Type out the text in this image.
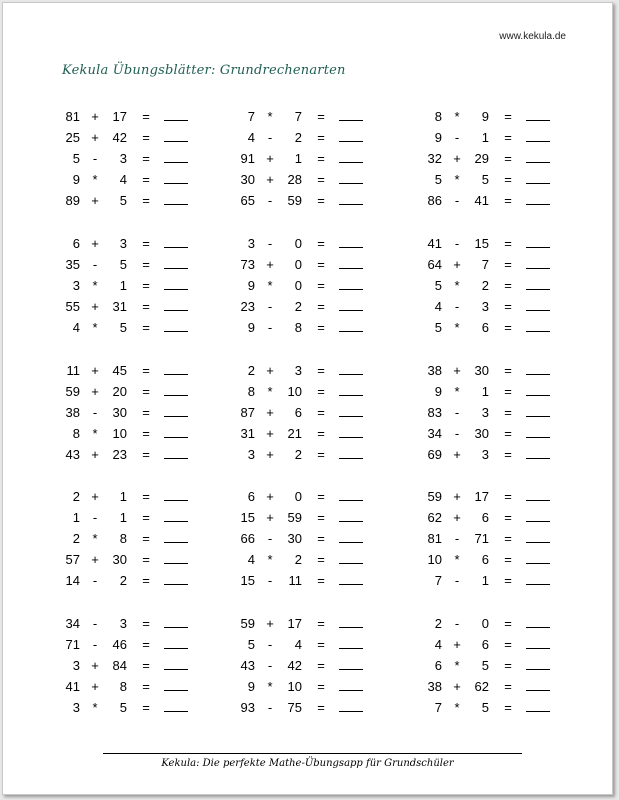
www.kekula.de
Kekula Übungsblätter: Grundrechenarten
81 +	17 =
25 +	42 =
5 -	3 =
9 *	4 =
89 +	5 =
7 *	7 =
4 -	2 =
91 +	1 =
30 +	28 =
65 -	59 =
8 *	9 =
9 -	1 =
32 +	29 =
5 *	5 =
86 -	41 =
6 +	3 =
35 -	5 =
3 *	1 =
55 +	31 =
4 *	5 =
3 -	0 =
73 +	0 =
9 *	0 =
23 -	2 =
9 -	8 =
41 -	15 =
64 +	7 =
5 *	2 =
4 -	3 =
5 *	6 =
11 +	45 =
59 +	20 =
38 -	30 =
8 *	10 =
43 +	23 =
2 +	3 =
8 *	10 =
87 +	6 =
31 +	21 =
3 +	2 =
38 +	30 =
9 *	1 =
83 -	3 =
34 -	30 =
69 +	3 =
2 +	1 =
1 -	1 =
2 *	8 =
57 +	30 =
14 -	2 =
6 +	0 =
15 +	59 =
66 -	30 =
4 *	2 =
15 -	11 =
59 +	17 =
62 +	6 =
81 -	71 =
10 *	6 =
7 -	1 =
34 -	3 =
71 -	46 =
3 +	84 =
41 +	8 =
3 *	5 =
59 +	17 =
5 -	4 =
43 -	42 =
9 *	10 =
93 -	75 =
2 -	0 =
4 +	6 =
6 *	5 =
38 +	62 =
7 *	5 =
Kekula: Die perfekte Mathe-Übungsapp für Grundschüler
